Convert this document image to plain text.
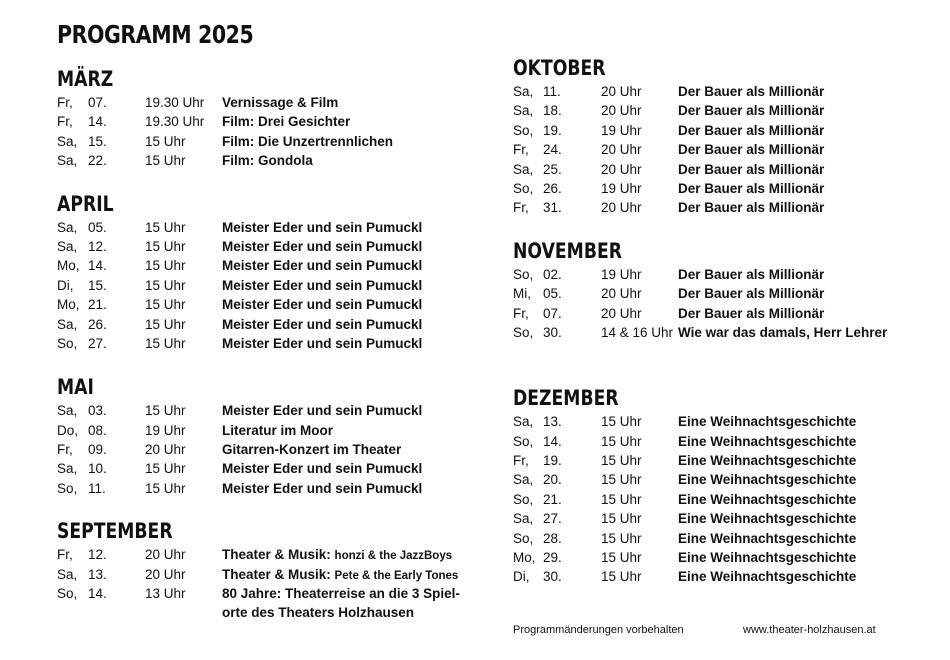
PROGRAMM 2025
MÄRZ
Fr, 07.	19.30 Uhr Vernissage & Film
Fr, 14.	19.30 Uhr Film: Drei Gesichter
Sa, 15.	15 Uhr	Film: Die Unzertrennlichen
Sa, 22.	15 Uhr	Film: Gondola
APRIL
Sa, 05.	15 Uhr	Meister Eder und sein Pumuckl
Sa, 12.	15 Uhr	Meister Eder und sein Pumuckl
Mo, 14.	15 Uhr	Meister Eder und sein Pumuckl
Di, 15.	15 Uhr	Meister Eder und sein Pumuckl
Mo, 21.	15 Uhr	Meister Eder und sein Pumuckl
Sa, 26.	15 Uhr	Meister Eder und sein Pumuckl
So, 27.	15 Uhr	Meister Eder und sein Pumuckl
MAI
Sa, 03.	15 Uhr	Meister Eder und sein Pumuckl
Do, 08.	19 Uhr	Literatur im Moor
Fr, 09.	20 Uhr	Gitarren-Konzert im Theater
Sa, 10.	15 Uhr	Meister Eder und sein Pumuckl
So, 11.	15 Uhr	Meister Eder und sein Pumuckl
SEPTEMBER
Fr, 12.	20 Uhr	Theater & Musik: honzi & the JazzBoys
Sa, 13.	20 Uhr	Theater & Musik: Pete & the Early Tones
So, 14.	13 Uhr	80 Jahre: Theaterreise an die 3 Spiel-orte des Theaters Holzhausen
OKTOBER
Sa, 11.	20 Uhr	Der Bauer als Millionär
Sa, 18.	20 Uhr	Der Bauer als Millionär
So, 19.	19 Uhr	Der Bauer als Millionär
Fr, 24.	20 Uhr	Der Bauer als Millionär
Sa, 25.	20 Uhr	Der Bauer als Millionär
So, 26.	19 Uhr	Der Bauer als Millionär
Fr, 31.	20 Uhr	Der Bauer als Millionär
NOVEMBER
So, 02.	19 Uhr	Der Bauer als Millionär
Mi, 05.	20 Uhr	Der Bauer als Millionär
Fr, 07.	20 Uhr	Der Bauer als Millionär
So, 30.	14 & 16 Uhr Wie war das damals, Herr Lehrer
DEZEMBER
Sa, 13.	15 Uhr	Eine Weihnachtsgeschichte
So, 14.	15 Uhr	Eine Weihnachtsgeschichte
Fr, 19.	15 Uhr	Eine Weihnachtsgeschichte
Sa, 20.	15 Uhr	Eine Weihnachtsgeschichte
So, 21.	15 Uhr	Eine Weihnachtsgeschichte
Sa, 27.	15 Uhr	Eine Weihnachtsgeschichte
So, 28.	15 Uhr	Eine Weihnachtsgeschichte
Mo, 29.	15 Uhr	Eine Weihnachtsgeschichte
Di, 30.	15 Uhr	Eine Weihnachtsgeschichte
Programmänderungen vorbehalten	www.theater-holzhausen.at
